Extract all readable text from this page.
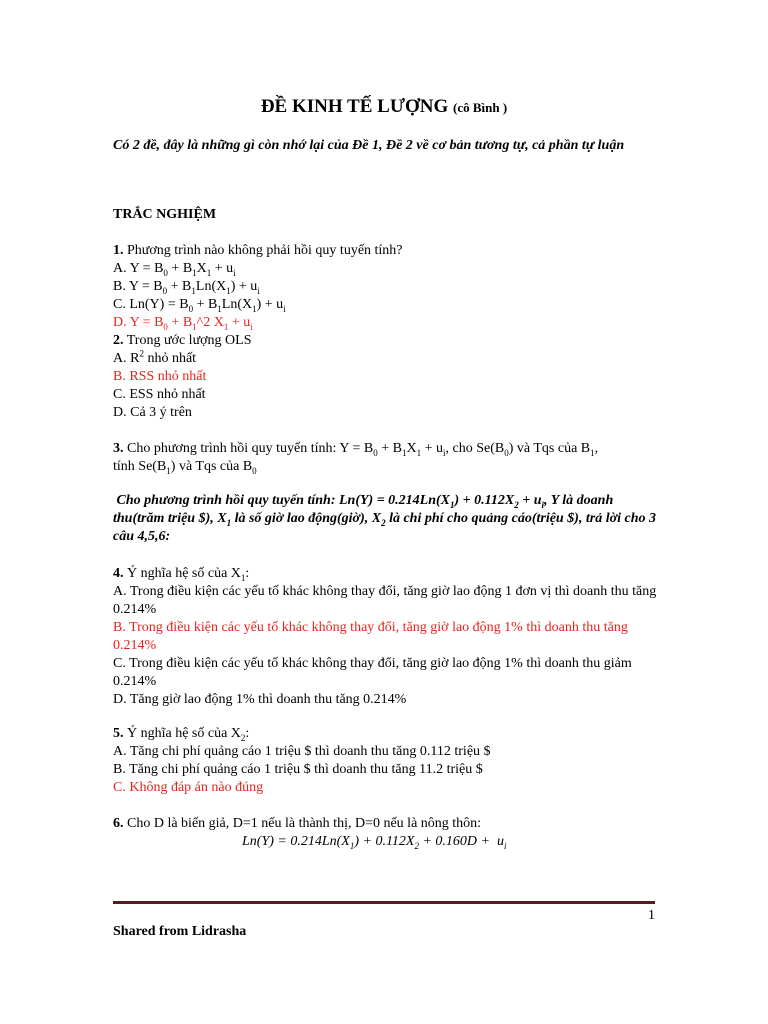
ĐỀ KINH TẾ LƯỢNG (cô Bình )
Có 2 đề, đây là những gì còn nhớ lại của Đề 1, Đề 2 về cơ bản tương tự, cả phần tự luận
TRẮC NGHIỆM
1. Phương trình nào không phải hồi quy tuyến tính?
A. $Y = B_0 + B_1X_1 + u_i$
B. $Y = B_0 + B_1Ln(X_1) + u_i$
C. $Ln(Y) = B_0 + B_1Ln(X_1) + u_i$
D. $Y = B_0$ + $B_1\^{}2$ $X_1 + u_i$
2. Trong ước lượng OLS
A. $R^2$ nhỏ nhất
B. RSS nhỏ nhất
C. ESS nhỏ nhất
D. Cả 3 ý trên
3. Cho phương trình hồi quy tuyến tính: $Y = B_0 + B_1X_1 + u_i$, cho $Se(B_0)$ và Tqs của $B_1$,
tính $Se(B_1)$ và Tqs của $B_0$
Cho phương trình hồi quy tuyến tính: $Ln(Y) = 0.214Ln(X_1) + 0.112X_2 + u_i$, Y là doanh thu(trăm triệu $), $X_1$ là số giờ lao động(giờ), $X_2$ là chi phí cho quảng cáo(triệu $), trả lời cho 3 câu 4,5,6:
4. Ý nghĩa hệ số của $X_1$:
A. Trong điều kiện các yếu tố khác không thay đổi, tăng giờ lao động 1 đơn vị thì doanh thu tăng 0.214%
B. Trong điều kiện các yếu tố khác không thay đổi, tăng giờ lao động 1% thì doanh thu tăng 0.214%
C. Trong điều kiện các yếu tố khác không thay đổi, tăng giờ lao động 1% thì doanh thu giảm 0.214%
D. Tăng giờ lao động 1% thì doanh thu tăng 0.214%
5. Ý nghĩa hệ số của $X_2$:
A. Tăng chi phí quảng cáo 1 triệu $ thì doanh thu tăng 0.112 triệu $
B. Tăng chi phí quảng cáo 1 triệu $ thì doanh thu tăng 11.2 triệu $
C. Không đáp án nào đúng
6. Cho D là biến giả, D=1 nếu là thành thị, D=0 nếu là nông thôn:
$Ln(Y) = 0.214Ln(X_1) + 0.112X_2 + 0.160D + u_i$
1
Shared from Lidrasha
